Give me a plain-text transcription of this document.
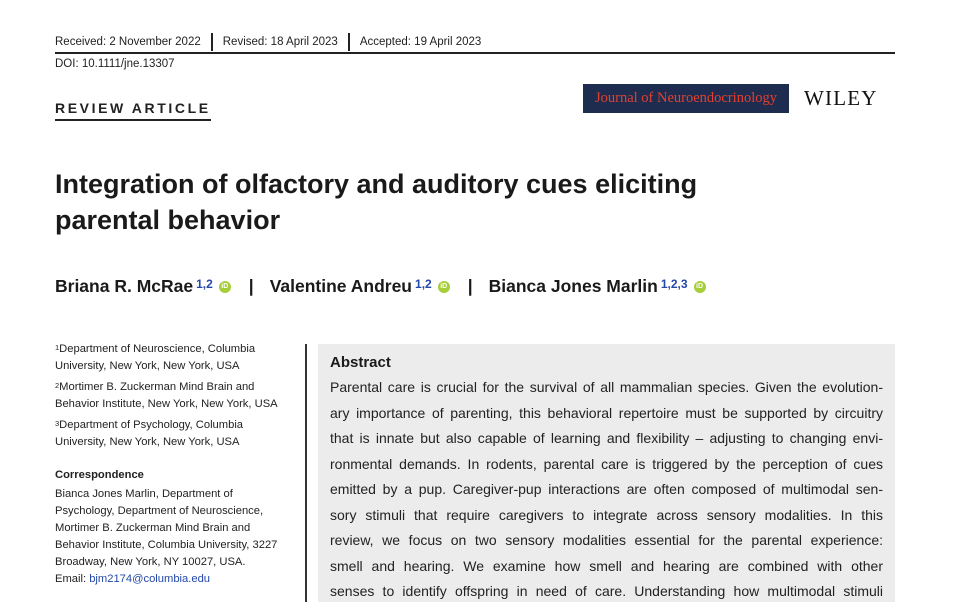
Received: 2 November 2022	Revised: 18 April 2023	Accepted: 19 April 2023
DOI: 10.1111/jne.13307
REVIEW ARTICLE
Journal of Neuroendocrinology WILEY
Integration of olfactory and auditory cues eliciting
parental behavior
Briana R. McRae $^{1,2}$	iD | Valentine Andreu $^{1,2}$	iD | Bianca Jones Marlin $^{1,2,3}$	iD
$^1$Department of Neuroscience, Columbia
University, New York, New York, USA
$^2$Mortimer B. Zuckerman Mind Brain and
Behavior Institute, New York, New York, USA
$^3$Department of Psychology, Columbia
University, New York, New York, USA
Correspondence
Bianca Jones Marlin, Department of
Psychology, Department of Neuroscience,
Mortimer B. Zuckerman Mind Brain and
Behavior Institute, Columbia University, 3227
Broadway, New York, NY 10027, USA.
Email: bjm2174@columbia.edu
Abstract
Parental care is crucial for the survival of all mammalian species. Given the evolution-
ary importance of parenting, this behavioral repertoire must be supported by circuitry
that is innate but also capable of learning and flexibility – adjusting to changing envi-
ronmental demands. In rodents, parental care is triggered by the perception of cues
emitted by a pup. Caregiver-pup interactions are often composed of multimodal sen-
sory stimuli that require caregivers to integrate across sensory modalities. In this
review, we focus on two sensory modalities essential for the parental experience:
smell and hearing. We examine how smell and hearing are combined with other
senses to identify offspring in need of care. Understanding how multimodal stimuli
